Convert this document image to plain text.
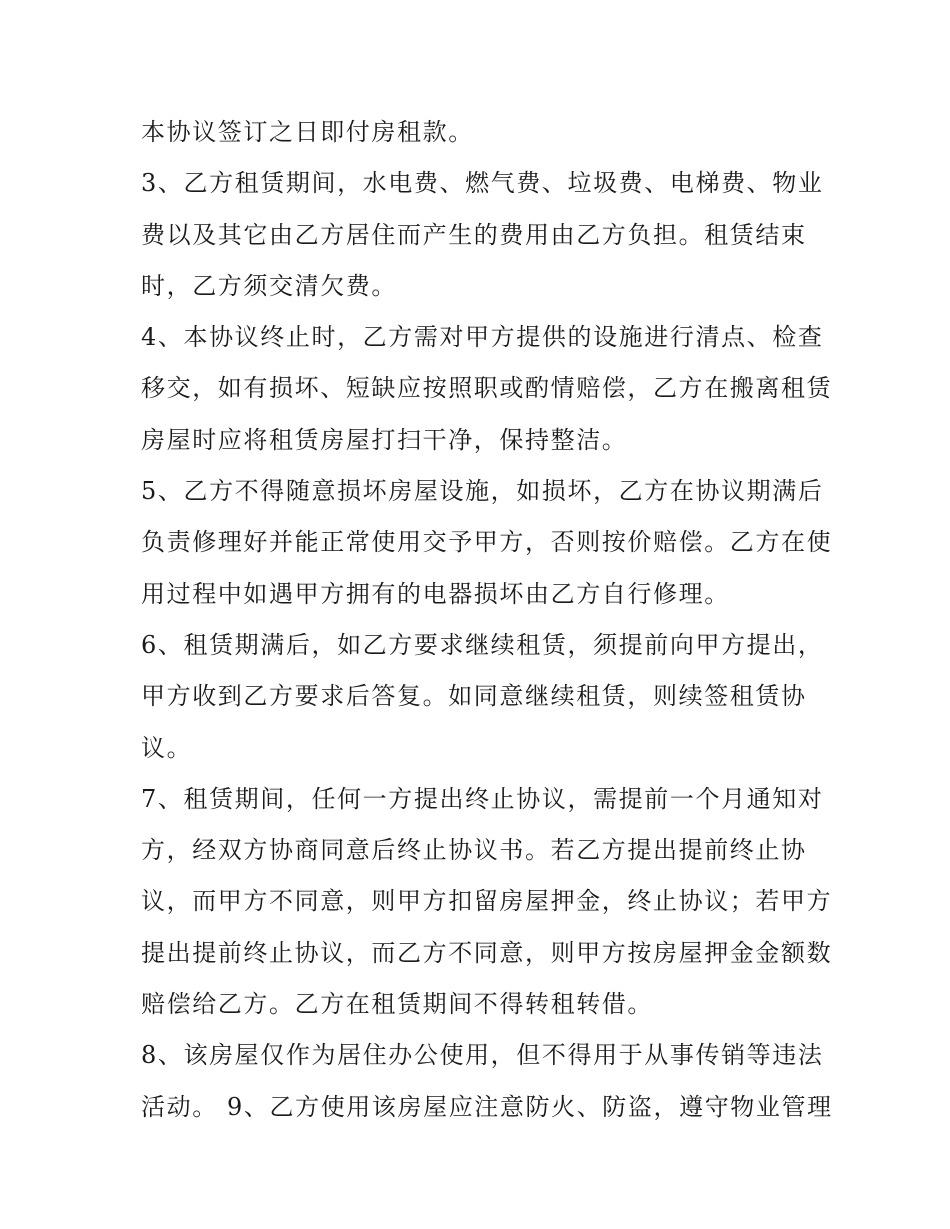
本协议签订之日即付房租款。
3、乙方租赁期间，水电费、燃气费、垃圾费、电梯费、物业
费以及其它由乙方居住而产生的费用由乙方负担。租赁结束
时，乙方须交清欠费。
4、本协议终止时，乙方需对甲方提供的设施进行清点、检查
移交，如有损坏、短缺应按照职或酌情赔偿，乙方在搬离租赁
房屋时应将租赁房屋打扫干净，保持整洁。
5、乙方不得随意损坏房屋设施，如损坏，乙方在协议期满后
负责修理好并能正常使用交予甲方，否则按价赔偿。乙方在使
用过程中如遇甲方拥有的电器损坏由乙方自行修理。
6、租赁期满后，如乙方要求继续租赁，须提前向甲方提出，
甲方收到乙方要求后答复。如同意继续租赁，则续签租赁协
议。
7、租赁期间，任何一方提出终止协议，需提前一个月通知对
方，经双方协商同意后终止协议书。若乙方提出提前终止协
议，而甲方不同意，则甲方扣留房屋押金，终止协议；若甲方
提出提前终止协议，而乙方不同意，则甲方按房屋押金金额数
赔偿给乙方。乙方在租赁期间不得转租转借。
8、该房屋仅作为居住办公使用，但不得用于从事传销等违法
活动。 9、乙方使用该房屋应注意防火、防盗，遵守物业管理
